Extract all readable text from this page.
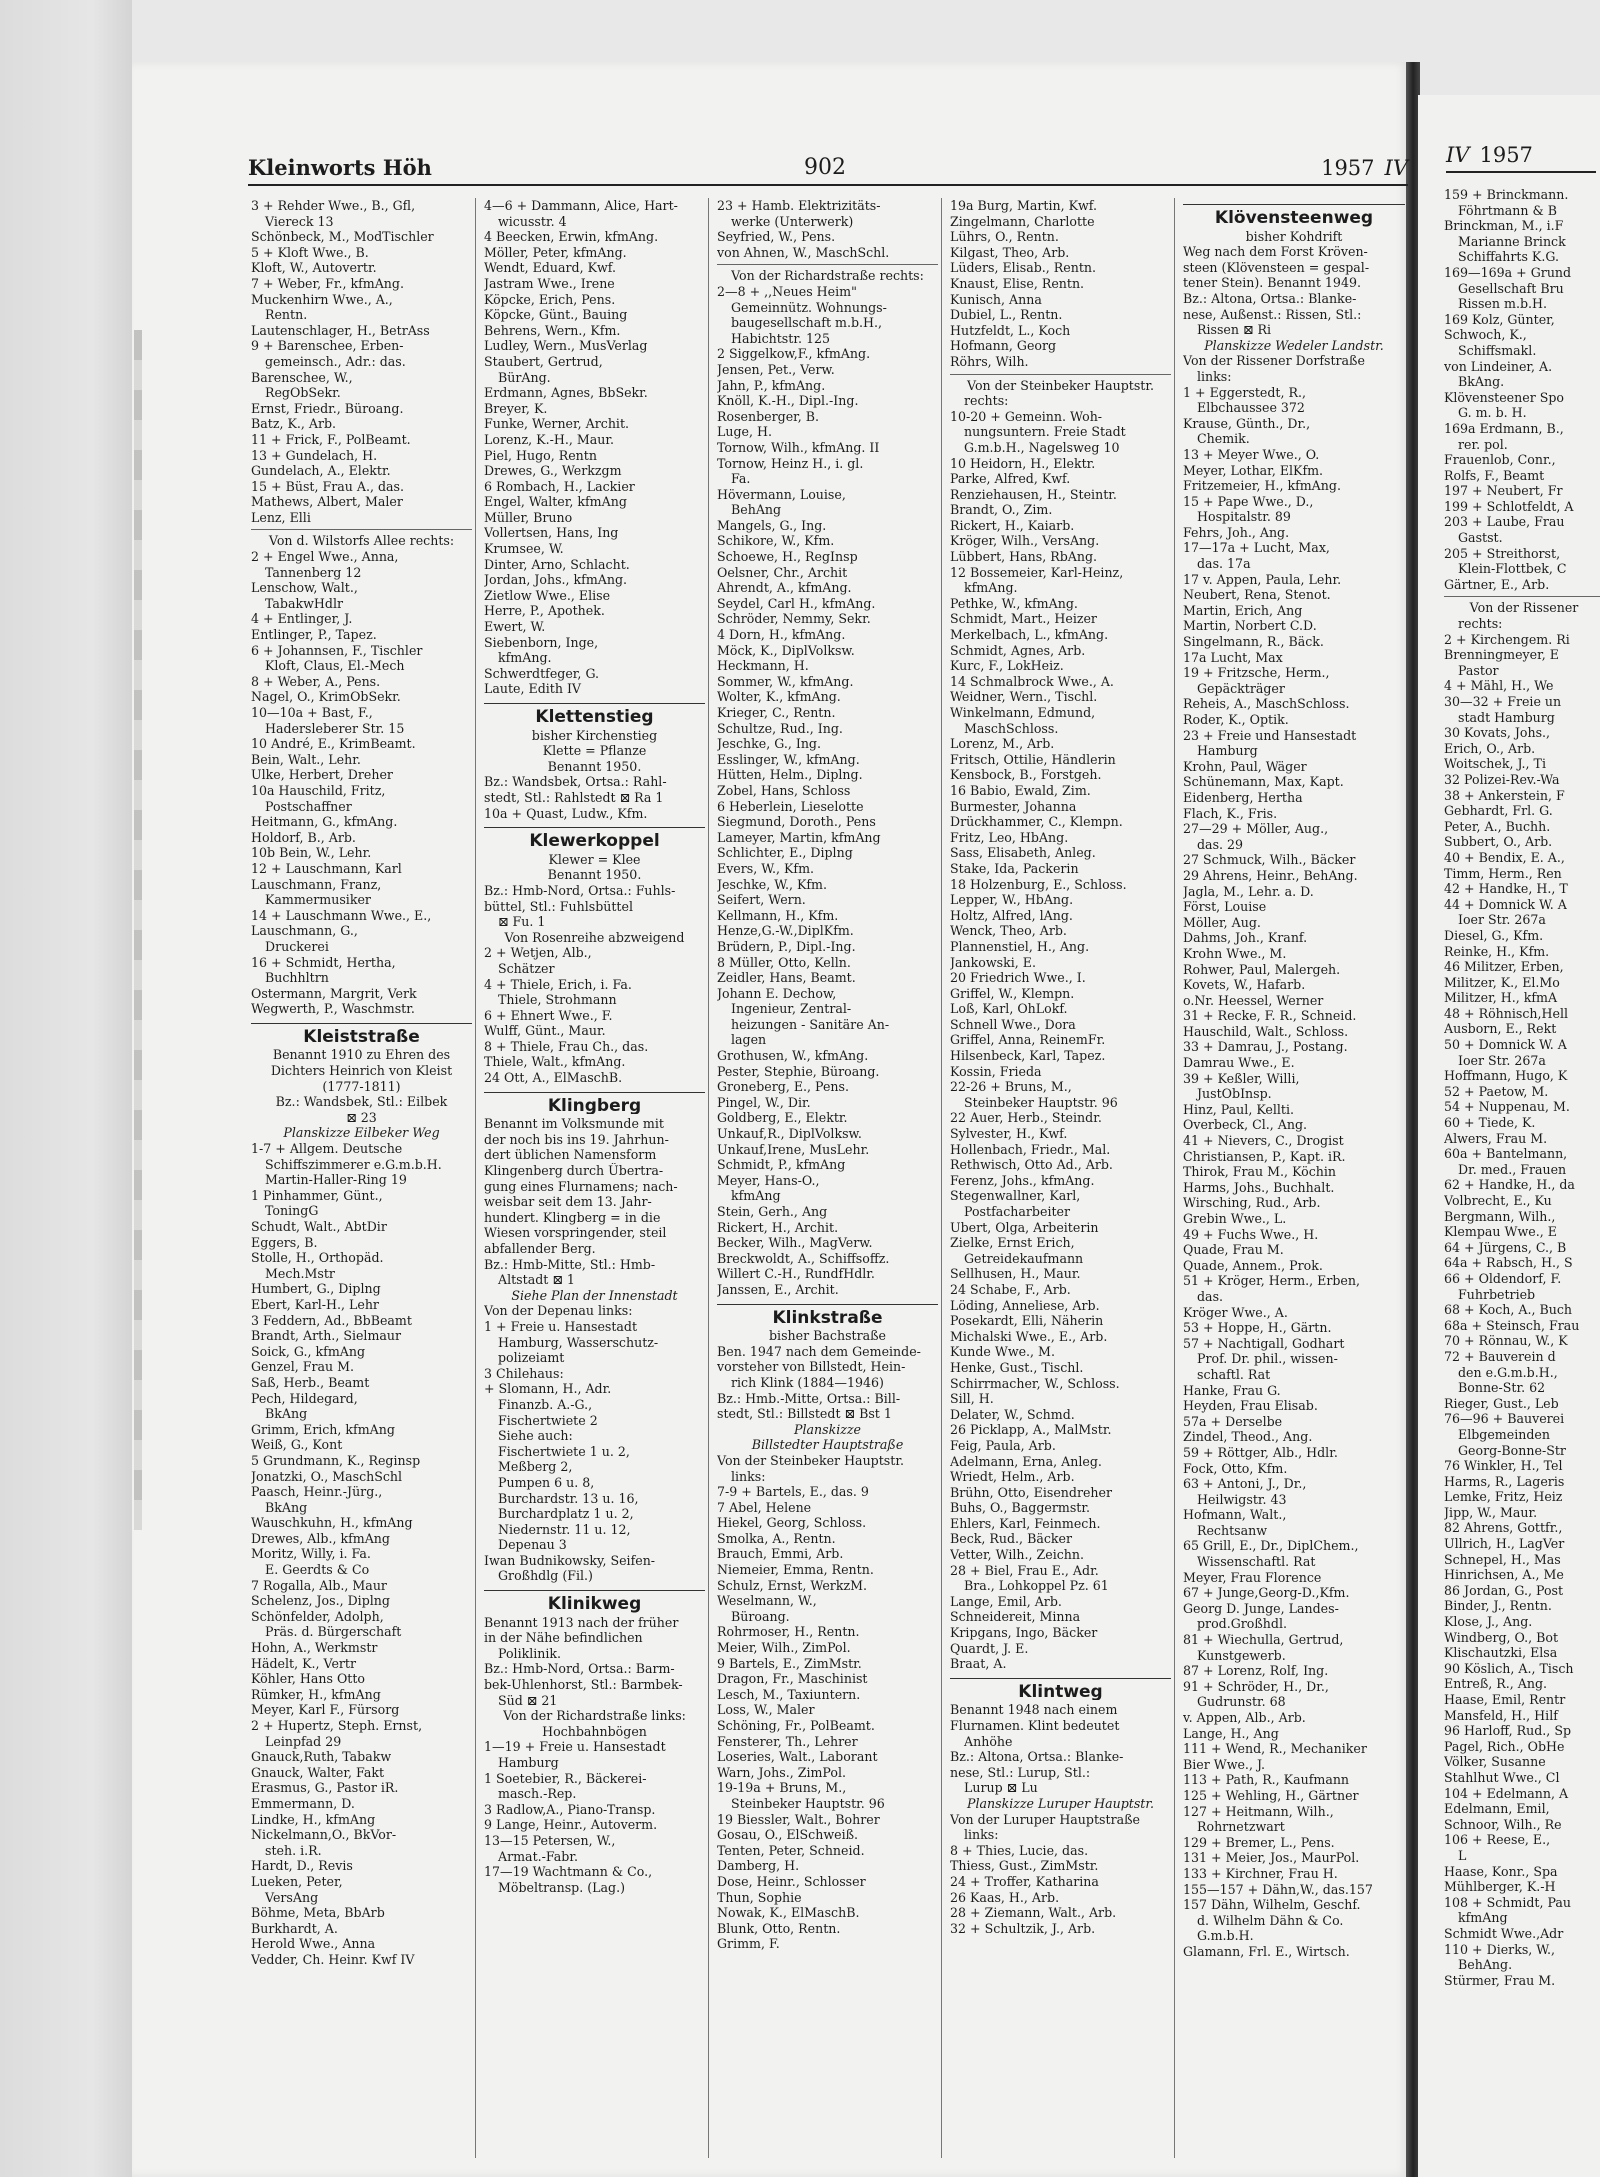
Kleinworts Höh	902	1957 IV
3 + Rehder Wwe., B., Gfl,
Viereck 13
Schönbeck, M., ModTischler
5 + Kloft Wwe., B.
Kloft, W., Autovertr.
7 + Weber, Fr., kfmAng.
Muckenhirn Wwe., A.,
Rentn.
Lautenschlager, H., BetrAss
9 + Barenschee, Erben-
gemeinsch., Adr.: das.
Barenschee, W.,
RegObSekr.
Ernst, Friedr., Büroang.
Batz, K., Arb.
11 + Frick, F., PolBeamt.
13 + Gundelach, H.
Gundelach, A., Elektr.
15 + Büst, Frau A., das.
Mathews, Albert, Maler
Lenz, Elli
Von d. Wilstorfs Allee rechts:
2 + Engel Wwe., Anna,
Tannenberg 12
Lenschow, Walt.,
TabakwHdlr
4 + Entlinger, J.
Entlinger, P., Tapez.
6 + Johannsen, F., Tischler
Kloft, Claus, El.-Mech
8 + Weber, A., Pens.
Nagel, O., KrimObSekr.
10—10a + Bast, F.,
Hadersleberer Str. 15
10 André, E., KrimBeamt.
Bein, Walt., Lehr.
Ulke, Herbert, Dreher
10a Hauschild, Fritz,
Postschaffner
Heitmann, G., kfmAng.
Holdorf, B., Arb.
10b Bein, W., Lehr.
12 + Lauschmann, Karl
Lauschmann, Franz,
Kammermusiker
14 + Lauschmann Wwe., E.,
Lauschmann, G.,
Druckerei
16 + Schmidt, Hertha,
Buchhltrn
Ostermann, Margrit, Verk
Wegwerth, P., Waschmstr.
Kleiststraße
Benannt 1910 zu Ehren des
Dichters Heinrich von Kleist
(1777-1811)
Bz.: Wandsbek, Stl.: Eilbek
⊠ 23
Planskizze Eilbeker Weg
1-7 + Allgem. Deutsche
Schiffszimmerer e.G.m.b.H.
Martin-Haller-Ring 19
1 Pinhammer, Günt.,
ToningG
Schudt, Walt., AbtDir
Eggers, B.
Stolle, H., Orthopäd.
Mech.Mstr
Humbert, G., Diplng
Ebert, Karl-H., Lehr
3 Feddern, Ad., BbBeamt
Brandt, Arth., Sielmaur
Soick, G., kfmAng
Genzel, Frau M.
Saß, Herb., Beamt
Pech, Hildegard,
BkAng
Grimm, Erich, kfmAng
Weiß, G., Kont
5 Grundmann, K., Reginsp
Jonatzki, O., MaschSchl
Paasch, Heinr.-Jürg.,
BkAng
Wauschkuhn, H., kfmAng
Drewes, Alb., kfmAng
Moritz, Willy, i. Fa.
E. Geerdts & Co
7 Rogalla, Alb., Maur
Schelenz, Jos., Diplng
Schönfelder, Adolph,
Präs. d. Bürgerschaft
Hohn, A., Werkmstr
Hädelt, K., Vertr
Köhler, Hans Otto
Rümker, H., kfmAng
Meyer, Karl F., Fürsorg
2 + Hupertz, Steph. Ernst,
Leinpfad 29
Gnauck,Ruth, Tabakw
Gnauck, Walter, Fakt
Erasmus, G., Pastor iR.
Emmermann, D.
Lindke, H., kfmAng
Nickelmann,O., BkVor-
steh. i.R.
Hardt, D., Revis
Lueken, Peter,
VersAng
Böhme, Meta, BbArb
Burkhardt, A.
Herold Wwe., Anna
Vedder, Ch. Heinr. Kwf IV
4—6 + Dammann, Alice, Hart-
wicusstr. 4
4 Beecken, Erwin, kfmAng.
Möller, Peter, kfmAng.
Wendt, Eduard, Kwf.
Jastram Wwe., Irene
Köpcke, Erich, Pens.
Köpcke, Günt., Bauing
Behrens, Wern., Kfm.
Ludley, Wern., MusVerlag
Staubert, Gertrud,
BürAng.
Erdmann, Agnes, BbSekr.
Breyer, K.
Funke, Werner, Archit.
Lorenz, K.-H., Maur.
Piel, Hugo, Rentn
Drewes, G., Werkzgm
6 Rombach, H., Lackier
Engel, Walter, kfmAng
Müller, Bruno
Vollertsen, Hans, Ing
Krumsee, W.
Dinter, Arno, Schlacht.
Jordan, Johs., kfmAng.
Zietlow Wwe., Elise
Herre, P., Apothek.
Ewert, W.
Siebenborn, Inge,
kfmAng.
Schwerdtfeger, G.
Laute, Edith IV
Klettenstieg
bisher Kirchenstieg
Klette = Pflanze
Benannt 1950.
Bz.: Wandsbek, Ortsa.: Rahl-
stedt, Stl.: Rahlstedt ⊠ Ra 1
10a + Quast, Ludw., Kfm.
Klewerkoppel
Klewer = Klee
Benannt 1950.
Bz.: Hmb-Nord, Ortsa.: Fuhls-
büttel, Stl.: Fuhlsbüttel
⊠ Fu. 1
Von Rosenreihe abzweigend
2 + Wetjen, Alb.,
Schätzer
4 + Thiele, Erich, i. Fa.
Thiele, Strohmann
6 + Ehnert Wwe., F.
Wulff, Günt., Maur.
8 + Thiele, Frau Ch., das.
Thiele, Walt., kfmAng.
24 Ott, A., ElMaschB.
Klingberg
Benannt im Volksmunde mit
der noch bis ins 19. Jahrhun-
dert üblichen Namensform
Klingenberg durch Übertra-
gung eines Flurnamens; nach-
weisbar seit dem 13. Jahr-
hundert. Klingberg = in die
Wiesen vorspringender, steil
abfallender Berg.
Bz.: Hmb-Mitte, Stl.: Hmb-
Altstadt ⊠ 1
Siehe Plan der Innenstadt
Von der Depenau links:
1 + Freie u. Hansestadt
Hamburg, Wasserschutz-
polizeiamt
3 Chilehaus:
+ Slomann, H., Adr.
Finanzb. A.-G.,
Fischertwiete 2
Siehe auch:
Fischertwiete 1 u. 2,
Meßberg 2,
Pumpen 6 u. 8,
Burchardstr. 13 u. 16,
Burchardplatz 1 u. 2,
Niedernstr. 11 u. 12,
Depenau 3
Iwan Budnikowsky, Seifen-
Großhdlg (Fil.)
Klinikweg
Benannt 1913 nach der früher
in der Nähe befindlichen
Poliklinik.
Bz.: Hmb-Nord, Ortsa.: Barm-
bek-Uhlenhorst, Stl.: Barmbek-
Süd ⊠ 21
Von der Richardstraße links:
Hochbahnbögen
1—19 + Freie u. Hansestadt
Hamburg
1 Soetebier, R., Bäckerei-
masch.-Rep.
3 Radlow,A., Piano-Transp.
9 Lange, Heinr., Autoverm.
13—15 Petersen, W.,
Armat.-Fabr.
17—19 Wachtmann & Co.,
Möbeltransp. (Lag.)
23 + Hamb. Elektrizitäts-
werke (Unterwerk)
Seyfried, W., Pens.
von Ahnen, W., MaschSchl.
Von der Richardstraße rechts:
2—8 + ,,Neues Heim"
Gemeinnütz. Wohnungs-
baugesellschaft m.b.H.,
Habichtstr. 125
2 Siggelkow,F., kfmAng.
Jensen, Pet., Verw.
Jahn, P., kfmAng.
Knöll, K.-H., Dipl.-Ing.
Rosenberger, B.
Luge, H.
Tornow, Wilh., kfmAng. II
Tornow, Heinz H., i. gl.
Fa.
Hövermann, Louise,
BehAng
Mangels, G., Ing.
Schikore, W., Kfm.
Schoewe, H., RegInsp
Oelsner, Chr., Archit
Ahrendt, A., kfmAng.
Seydel, Carl H., kfmAng.
Schröder, Nemmy, Sekr.
4 Dorn, H., kfmAng.
Möck, K., DiplVolksw.
Heckmann, H.
Sommer, W., kfmAng.
Wolter, K., kfmAng.
Krieger, C., Rentn.
Schultze, Rud., Ing.
Jeschke, G., Ing.
Esslinger, W., kfmAng.
Hütten, Helm., Diplng.
Zobel, Hans, Schloss
6 Heberlein, Lieselotte
Siegmund, Doroth., Pens
Lameyer, Martin, kfmAng
Schlichter, E., Diplng
Evers, W., Kfm.
Jeschke, W., Kfm.
Seifert, Wern.
Kellmann, H., Kfm.
Henze,G.-W.,DiplKfm.
Brüdern, P., Dipl.-Ing.
8 Müller, Otto, Kelln.
Zeidler, Hans, Beamt.
Johann E. Dechow,
Ingenieur, Zentral-
heizungen - Sanitäre An-
lagen
Grothusen, W., kfmAng.
Pester, Stephie, Büroang.
Groneberg, E., Pens.
Pingel, W., Dir.
Goldberg, E., Elektr.
Unkauf,R., DiplVolksw.
Unkauf,Irene, MusLehr.
Schmidt, P., kfmAng
Meyer, Hans-O.,
kfmAng
Stein, Gerh., Ang
Rickert, H., Archit.
Becker, Wilh., MagVerw.
Breckwoldt, A., Schiffsoffz.
Willert C.-H., RundfHdlr.
Janssen, E., Archit.
Klinkstraße
bisher Bachstraße
Ben. 1947 nach dem Gemeinde-
vorsteher von Billstedt, Hein-
rich Klink (1884—1946)
Bz.: Hmb.-Mitte, Ortsa.: Bill-
stedt, Stl.: Billstedt ⊠ Bst 1
Planskizze
Billstedter Hauptstraße
Von der Steinbeker Hauptstr.
links:
7-9 + Bartels, E., das. 9
7 Abel, Helene
Hiekel, Georg, Schloss.
Smolka, A., Rentn.
Brauch, Emmi, Arb.
Niemeier, Emma, Rentn.
Schulz, Ernst, WerkzM.
Weselmann, W.,
Büroang.
Rohrmoser, H., Rentn.
Meier, Wilh., ZimPol.
9 Bartels, E., ZimMstr.
Dragon, Fr., Maschinist
Lesch, M., Taxiuntern.
Loss, W., Maler
Schöning, Fr., PolBeamt.
Fensterer, Th., Lehrer
Loseries, Walt., Laborant
Warn, Johs., ZimPol.
19-19a + Bruns, M.,
Steinbeker Hauptstr. 96
19 Biessler, Walt., Bohrer
Gosau, O., ElSchweiß.
Tenten, Peter, Schneid.
Damberg, H.
Dose, Heinr., Schlosser
Thun, Sophie
Nowak, K., ElMaschB.
Blunk, Otto, Rentn.
Grimm, F.
19a Burg, Martin, Kwf.
Zingelmann, Charlotte
Lührs, O., Rentn.
Kilgast, Theo, Arb.
Lüders, Elisab., Rentn.
Knaust, Elise, Rentn.
Kunisch, Anna
Dubiel, L., Rentn.
Hutzfeldt, L., Koch
Hofmann, Georg
Röhrs, Wilh.
Von der Steinbeker Hauptstr.
rechts:
10-20 + Gemeinn. Woh-
nungsuntern. Freie Stadt
G.m.b.H., Nagelsweg 10
10 Heidorn, H., Elektr.
Parke, Alfred, Kwf.
Renziehausen, H., Steintr.
Brandt, O., Zim.
Rickert, H., Kaiarb.
Kröger, Wilh., VersAng.
Lübbert, Hans, RbAng.
12 Bossemeier, Karl-Heinz,
kfmAng.
Pethke, W., kfmAng.
Schmidt, Mart., Heizer
Merkelbach, L., kfmAng.
Schmidt, Agnes, Arb.
Kurc, F., LokHeiz.
14 Schmalbrock Wwe., A.
Weidner, Wern., Tischl.
Winkelmann, Edmund,
MaschSchloss.
Lorenz, M., Arb.
Fritsch, Ottilie, Händlerin
Kensbock, B., Forstgeh.
16 Babio, Ewald, Zim.
Burmester, Johanna
Drückhammer, C., Klempn.
Fritz, Leo, HbAng.
Sass, Elisabeth, Anleg.
Stake, Ida, Packerin
18 Holzenburg, E., Schloss.
Lepper, W., HbAng.
Holtz, Alfred, lAng.
Wenck, Theo, Arb.
Plannenstiel, H., Ang.
Jankowski, E.
20 Friedrich Wwe., I.
Griffel, W., Klempn.
Loß, Karl, OhLokf.
Schnell Wwe., Dora
Griffel, Anna, ReinemFr.
Hilsenbeck, Karl, Tapez.
Kossin, Frieda
22-26 + Bruns, M.,
Steinbeker Hauptstr. 96
22 Auer, Herb., Steindr.
Sylvester, H., Kwf.
Hollenbach, Friedr., Mal.
Rethwisch, Otto Ad., Arb.
Ferenz, Johs., kfmAng.
Stegenwallner, Karl,
Postfacharbeiter
Ubert, Olga, Arbeiterin
Zielke, Ernst Erich,
Getreidekaufmann
Sellhusen, H., Maur.
24 Schabe, F., Arb.
Löding, Anneliese, Arb.
Posekardt, Elli, Näherin
Michalski Wwe., E., Arb.
Kunde Wwe., M.
Henke, Gust., Tischl.
Schirrmacher, W., Schloss.
Sill, H.
Delater, W., Schmd.
26 Picklapp, A., MalMstr.
Feig, Paula, Arb.
Adelmann, Erna, Anleg.
Wriedt, Helm., Arb.
Brühn, Otto, Eisendreher
Buhs, O., Baggermstr.
Ehlers, Karl, Feinmech.
Beck, Rud., Bäcker
Vetter, Wilh., Zeichn.
28 + Biel, Frau E., Adr.
Bra., Lohkoppel Pz. 61
Lange, Emil, Arb.
Schneidereit, Minna
Kripgans, Ingo, Bäcker
Quardt, J. E.
Braat, A.
Klintweg
Benannt 1948 nach einem
Flurnamen. Klint bedeutet
Anhöhe
Bz.: Altona, Ortsa.: Blanke-
nese, Stl.: Lurup, Stl.:
Lurup ⊠ Lu
Planskizze Luruper Hauptstr.
Von der Luruper Hauptstraße
links:
8 + Thies, Lucie, das.
Thiess, Gust., ZimMstr.
24 + Troffer, Katharina
26 Kaas, H., Arb.
28 + Ziemann, Walt., Arb.
32 + Schultzik, J., Arb.
Klövensteenweg
bisher Kohdrift
Weg nach dem Forst Kröven-
steen (Klövensteen = gespal-
tener Stein). Benannt 1949.
Bz.: Altona, Ortsa.: Blanke-
nese, Außenst.: Rissen, Stl.:
Rissen ⊠ Ri
Planskizze Wedeler Landstr.
Von der Rissener Dorfstraße
links:
1 + Eggerstedt, R.,
Elbchaussee 372
Krause, Günth., Dr.,
Chemik.
13 + Meyer Wwe., O.
Meyer, Lothar, ElKfm.
Fritzemeier, H., kfmAng.
15 + Pape Wwe., D.,
Hospitalstr. 89
Fehrs, Joh., Ang.
17—17a + Lucht, Max,
das. 17a
17 v. Appen, Paula, Lehr.
Neubert, Rena, Stenot.
Martin, Erich, Ang
Martin, Norbert C.D.
Singelmann, R., Bäck.
17a Lucht, Max
19 + Fritzsche, Herm.,
Gepäckträger
Reheis, A., MaschSchloss.
Roder, K., Optik.
23 + Freie und Hansestadt
Hamburg
Krohn, Paul, Wäger
Schünemann, Max, Kapt.
Eidenberg, Hertha
Flach, K., Fris.
27—29 + Möller, Aug.,
das. 29
27 Schmuck, Wilh., Bäcker
29 Ahrens, Heinr., BehAng.
Jagla, M., Lehr. a. D.
Först, Louise
Möller, Aug.
Dahms, Joh., Kranf.
Krohn Wwe., M.
Rohwer, Paul, Malergeh.
Kovets, W., Hafarb.
o.Nr. Heessel, Werner
31 + Recke, F. R., Schneid.
Hauschild, Walt., Schloss.
33 + Damrau, J., Postang.
Damrau Wwe., E.
39 + Keßler, Willi,
JustObInsp.
Hinz, Paul, Kellti.
Overbeck, Cl., Ang.
41 + Nievers, C., Drogist
Christiansen, P., Kapt. iR.
Thirok, Frau M., Köchin
Harms, Johs., Buchhalt.
Wirsching, Rud., Arb.
Grebin Wwe., L.
49 + Fuchs Wwe., H.
Quade, Frau M.
Quade, Annem., Prok.
51 + Kröger, Herm., Erben,
das.
Kröger Wwe., A.
53 + Hoppe, H., Gärtn.
57 + Nachtigall, Godhart
Prof. Dr. phil., wissen-
schaftl. Rat
Hanke, Frau G.
Heyden, Frau Elisab.
57a + Derselbe
Zindel, Theod., Ang.
59 + Röttger, Alb., Hdlr.
Fock, Otto, Kfm.
63 + Antoni, J., Dr.,
Heilwigstr. 43
Hofmann, Walt.,
Rechtsanw
65 Grill, E., Dr., DiplChem.,
Wissenschaftl. Rat
Meyer, Frau Florence
67 + Junge,Georg-D.,Kfm.
Georg D. Junge, Landes-
prod.Großhdl.
81 + Wiechulla, Gertrud,
Kunstgewerb.
87 + Lorenz, Rolf, Ing.
91 + Schröder, H., Dr.,
Gudrunstr. 68
v. Appen, Alb., Arb.
Lange, H., Ang
111 + Wend, R., Mechaniker
Bier Wwe., J.
113 + Path, R., Kaufmann
125 + Wehling, H., Gärtner
127 + Heitmann, Wilh.,
Rohrnetzwart
129 + Bremer, L., Pens.
131 + Meier, Jos., MaurPol.
133 + Kirchner, Frau H.
155—157 + Dähn,W., das.157
157 Dähn, Wilhelm, Geschf.
d. Wilhelm Dähn & Co.
G.m.b.H.
Glamann, Frl. E., Wirtsch.
IV 1957
159 + Brinckmann.
Föhrtmann & B
Brinckman, M., i.F
Marianne Brinck
Schiffahrts K.G.
169—169a + Grund
Gesellschaft Bru
Rissen m.b.H.
169 Kolz, Günter,
Schwoch, K.,
Schiffsmakl.
von Lindeiner, A.
BkAng.
Klövensteener Spo
G. m. b. H.
169a Erdmann, B.,
rer. pol.
Frauenlob, Conr.,
Rolfs, F., Beamt
197 + Neubert, Fr
199 + Schlotfeldt, A
203 + Laube, Frau
Gastst.
205 + Streithorst,
Klein-Flottbek, C
Gärtner, E., Arb.
Von der Rissener
rechts:
2 + Kirchengem. Ri
Brenningmeyer, E
Pastor
4 + Mähl, H., We
30—32 + Freie un
stadt Hamburg
30 Kovats, Johs.,
Erich, O., Arb.
Woitschek, J., Ti
32 Polizei-Rev.-Wa
38 + Ankerstein, F
Gebhardt, Frl. G.
Peter, A., Buchh.
Subbert, O., Arb.
40 + Bendix, E. A.,
Timm, Herm., Ren
42 + Handke, H., T
44 + Domnick W. A
Ioer Str. 267a
Diesel, G., Kfm.
Reinke, H., Kfm.
46 Militzer, Erben,
Militzer, K., El.Mo
Militzer, H., kfmA
48 + Röhnisch,Hell
Ausborn, E., Rekt
50 + Domnick W. A
Ioer Str. 267a
Hoffmann, Hugo, K
52 + Paetow, M.
54 + Nuppenau, M.
60 + Tiede, K.
Alwers, Frau M.
60a + Bantelmann,
Dr. med., Frauen
62 + Handke, H., da
Volbrecht, E., Ku
Bergmann, Wilh.,
Klempau Wwe., E
64 + Jürgens, C., B
64a + Rabsch, H., S
66 + Oldendorf, F.
Fuhrbetrieb
68 + Koch, A., Buch
68a + Steinsch, Frau
70 + Rönnau, W., K
72 + Bauverein d
den e.G.m.b.H.,
Bonne-Str. 62
Rieger, Gust., Leb
76—96 + Bauverei
Elbgemeinden
Georg-Bonne-Str
76 Winkler, H., Tel
Harms, R., Lageris
Lemke, Fritz, Heiz
Jipp, W., Maur.
82 Ahrens, Gottfr.,
Ullrich, H., LagVer
Schnepel, H., Mas
Hinrichsen, A., Me
86 Jordan, G., Post
Binder, J., Rentn.
Klose, J., Ang.
Windberg, O., Bot
Klischautzki, Elsa
90 Köslich, A., Tisch
Entreß, R., Ang.
Haase, Emil, Rentr
Mansfeld, H., Hilf
96 Harloff, Rud., Sp
Pagel, Rich., ObHe
Völker, Susanne
Stahlhut Wwe., Cl
104 + Edelmann, A
Edelmann, Emil,
Schnoor, Wilh., Re
106 + Reese, E.,
L
Haase, Konr., Spa
Mühlberger, K.-H
108 + Schmidt, Pau
kfmAng
Schmidt Wwe.,Adr
110 + Dierks, W.,
BehAng.
Stürmer, Frau M.
